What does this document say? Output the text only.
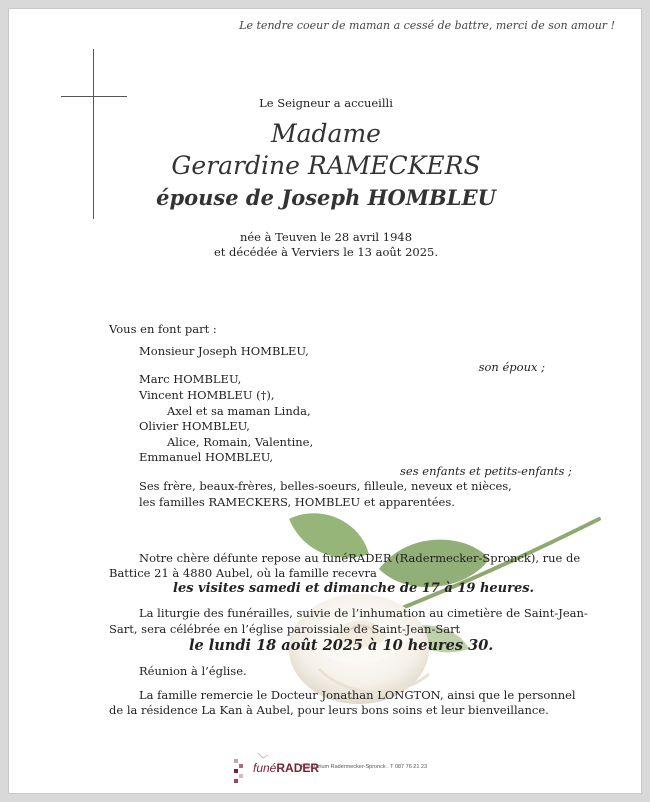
Le tendre coeur de maman a cessé de battre, merci de son amour !
Le Seigneur a accueilli
Madame
Gerardine RAMECKERS
épouse de Joseph HOMBLEU
née à Teuven le 28 avril 1948
et décédée à Verviers le 13 août 2025.
Vous en font part :
Monsieur Joseph HOMBLEU,
son époux ;
Marc HOMBLEU,
Vincent HOMBLEU (†),
Axel et sa maman Linda,
Olivier HOMBLEU,
Alice, Romain, Valentine,
Emmanuel HOMBLEU,
ses enfants et petits-enfants ;
Ses frère, beaux-frères, belles-soeurs, filleule, neveux et nièces,
les familles RAMECKERS, HOMBLEU et apparentées.
Notre chère défunte repose au funéRADER (Radermecker-Spronck), rue de
Battice 21 à 4880 Aubel, où la famille recevra
les visites samedi et dimanche de 17 à 19 heures.
La liturgie des funérailles, suivie de l’inhumation au cimetière de Saint-Jean-
Sart, sera célébrée en l’église paroissiale de Saint-Jean-Sart
le lundi 18 août 2025 à 10 heures 30.
Réunion à l’église.
La famille remercie le Docteur Jonathan LONGTON, ainsi que le personnel
de la résidence La Kan à Aubel, pour leurs bons soins et leur bienveillance.
funéRADER
Funérarium Radermecker-Spronck . T 087 76 21 23
